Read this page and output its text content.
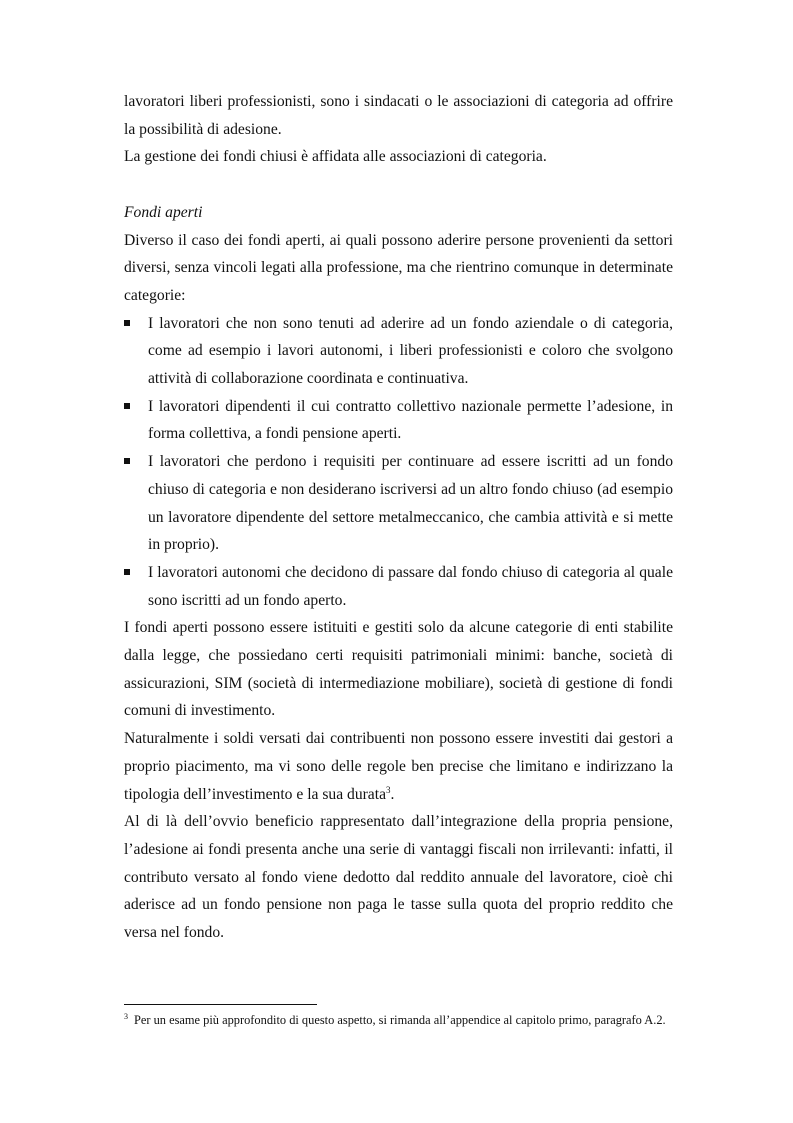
lavoratori liberi professionisti, sono i sindacati o le associazioni di categoria ad offrire la possibilità di adesione.

La gestione dei fondi chiusi è affidata alle associazioni di categoria.

Fondi aperti

Diverso il caso dei fondi aperti, ai quali possono aderire persone provenienti da settori diversi, senza vincoli legati alla professione, ma che rientrino comunque in determinate categorie:

I lavoratori che non sono tenuti ad aderire ad un fondo aziendale o di categoria, come ad esempio i lavori autonomi, i liberi professionisti e coloro che svolgono attività di collaborazione coordinata e continuativa.
I lavoratori dipendenti il cui contratto collettivo nazionale permette l’adesione, in forma collettiva, a fondi pensione aperti.
I lavoratori che perdono i requisiti per continuare ad essere iscritti ad un fondo chiuso di categoria e non desiderano iscriversi ad un altro fondo chiuso (ad esempio un lavoratore dipendente del settore metalmeccanico, che cambia attività e si mette in proprio).
I lavoratori autonomi che decidono di passare dal fondo chiuso di categoria al quale sono iscritti ad un fondo aperto.

I fondi aperti possono essere istituiti e gestiti solo da alcune categorie di enti stabilite dalla legge, che possiedano certi requisiti patrimoniali minimi: banche, società di assicurazioni, SIM (società di intermediazione mobiliare), società di gestione di fondi comuni di investimento.

Naturalmente i soldi versati dai contribuenti non possono essere investiti dai gestori a proprio piacimento, ma vi sono delle regole ben precise che limitano e indirizzano la tipologia dell’investimento e la sua durata$^3$.

Al di là dell’ovvio beneficio rappresentato dall’integrazione della propria pensione, l’adesione ai fondi presenta anche una serie di vantaggi fiscali non irrilevanti: infatti, il contributo versato al fondo viene dedotto dal reddito annuale del lavoratore, cioè chi aderisce ad un fondo pensione non paga le tasse sulla quota del proprio reddito che versa nel fondo.

$^3$ Per un esame più approfondito di questo aspetto, si rimanda all’appendice al capitolo primo, paragrafo A.2.
